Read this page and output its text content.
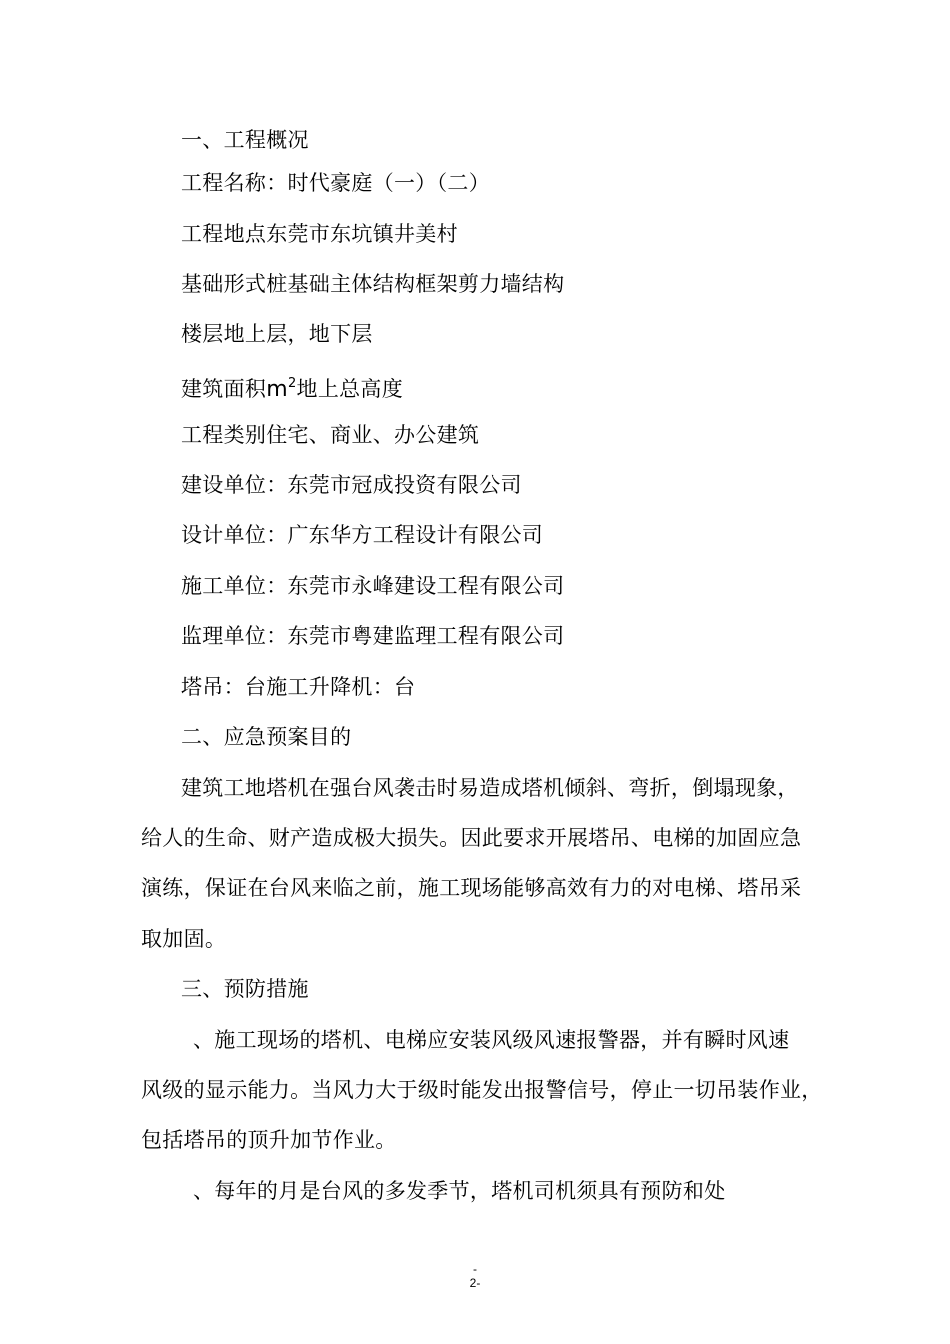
一、工程概况
工程名称：时代豪庭（一）（二）
工程地点东莞市东坑镇井美村
基础形式桩基础主体结构框架剪力墙结构
楼层地上层，地下层
建筑面积$m^2$地上总高度
工程类别住宅、商业、办公建筑
建设单位：东莞市冠成投资有限公司
设计单位：广东华方工程设计有限公司
施工单位：东莞市永峰建设工程有限公司
监理单位：东莞市粤建监理工程有限公司
塔吊：台施工升降机：台
二、应急预案目的
建筑工地塔机在强台风袭击时易造成塔机倾斜、弯折，倒塌现象，
给人的生命、财产造成极大损失。因此要求开展塔吊、电梯的加固应急
演练，保证在台风来临之前，施工现场能够高效有力的对电梯、塔吊采
取加固。
三、预防措施
、施工现场的塔机、电梯应安装风级风速报警器，并有瞬时风速
风级的显示能力。当风力大于级时能发出报警信号，停止一切吊装作业，
包括塔吊的顶升加节作业。
、每年的月是台风的多发季节，塔机司机须具有预防和处
-
2-
